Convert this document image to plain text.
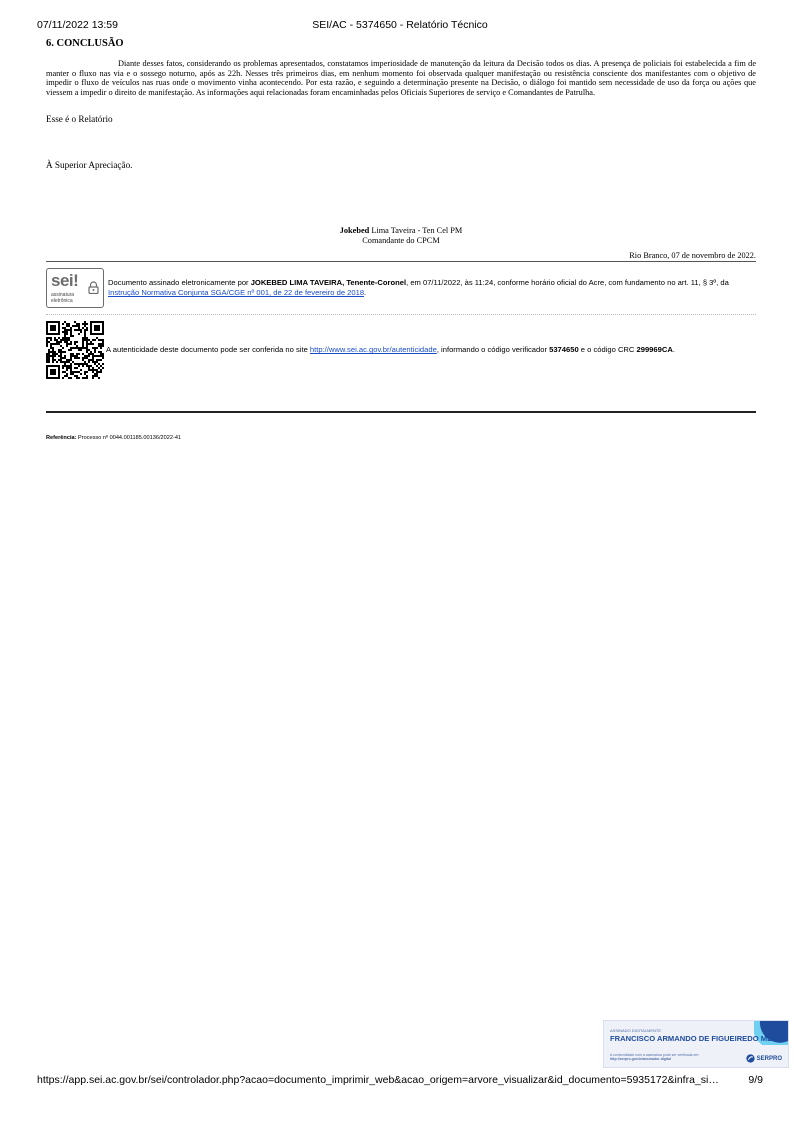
07/11/2022 13:59	SEI/AC - 5374650 - Relatório Técnico

6. CONCLUSÃO

Diante desses fatos, considerando os problemas apresentados, constatamos imperiosidade de manutenção da leitura da Decisão todos os dias. A presença de policiais foi estabelecida a fim de manter o fluxo nas via e o sossego noturno, após as 22h. Nesses três primeiros dias, em nenhum momento foi observada qualquer manifestação ou resistência consciente dos manifestantes com o objetivo de impedir o fluxo de veículos nas ruas onde o movimento vinha acontecendo. Por esta razão, e seguindo a determinação presente na Decisão, o diálogo foi mantido sem necessidade de uso da força ou ações que viessem a impedir o direito de manifestação. As informações aqui relacionadas foram encaminhadas pelos Oficiais Superiores de serviço e Comandantes de Patrulha.

Esse é o Relatório

À Superior Apreciação.

Jokebed Lima Taveira - Ten Cel PM
Comandante do CPCM
Rio Branco, 07 de novembro de 2022.
sei!
assinatura
eletrônica
Documento assinado eletronicamente por JOKEBED LIMA TAVEIRA, Tenente-Coronel, em 07/11/2022, às 11:24, conforme horário oficial do Acre, com fundamento no art. 11, § 3º, da Instrução Normativa Conjunta SGA/CGE nº 001, de 22 de fevereiro de 2018.
A autenticidade deste documento pode ser conferida no site http://www.sei.ac.gov.br/autenticidade, informando o código verificador 5374650 e o código CRC 299969CA.
Referência: Processo nº 0044.001185.00136/2022-41
ASSINADO DIGITALMENTE
FRANCISCO ARMANDO DE FIGUEIREDO MELO
A conformidade com a assinatura pode ser verificada em:
http://serpro.gov.br/assinador-digital	SERPRO
https://app.sei.ac.gov.br/sei/controlador.php?acao=documento_imprimir_web&acao_origem=arvore_visualizar&id_documento=5935172&infra_si…	9/9
